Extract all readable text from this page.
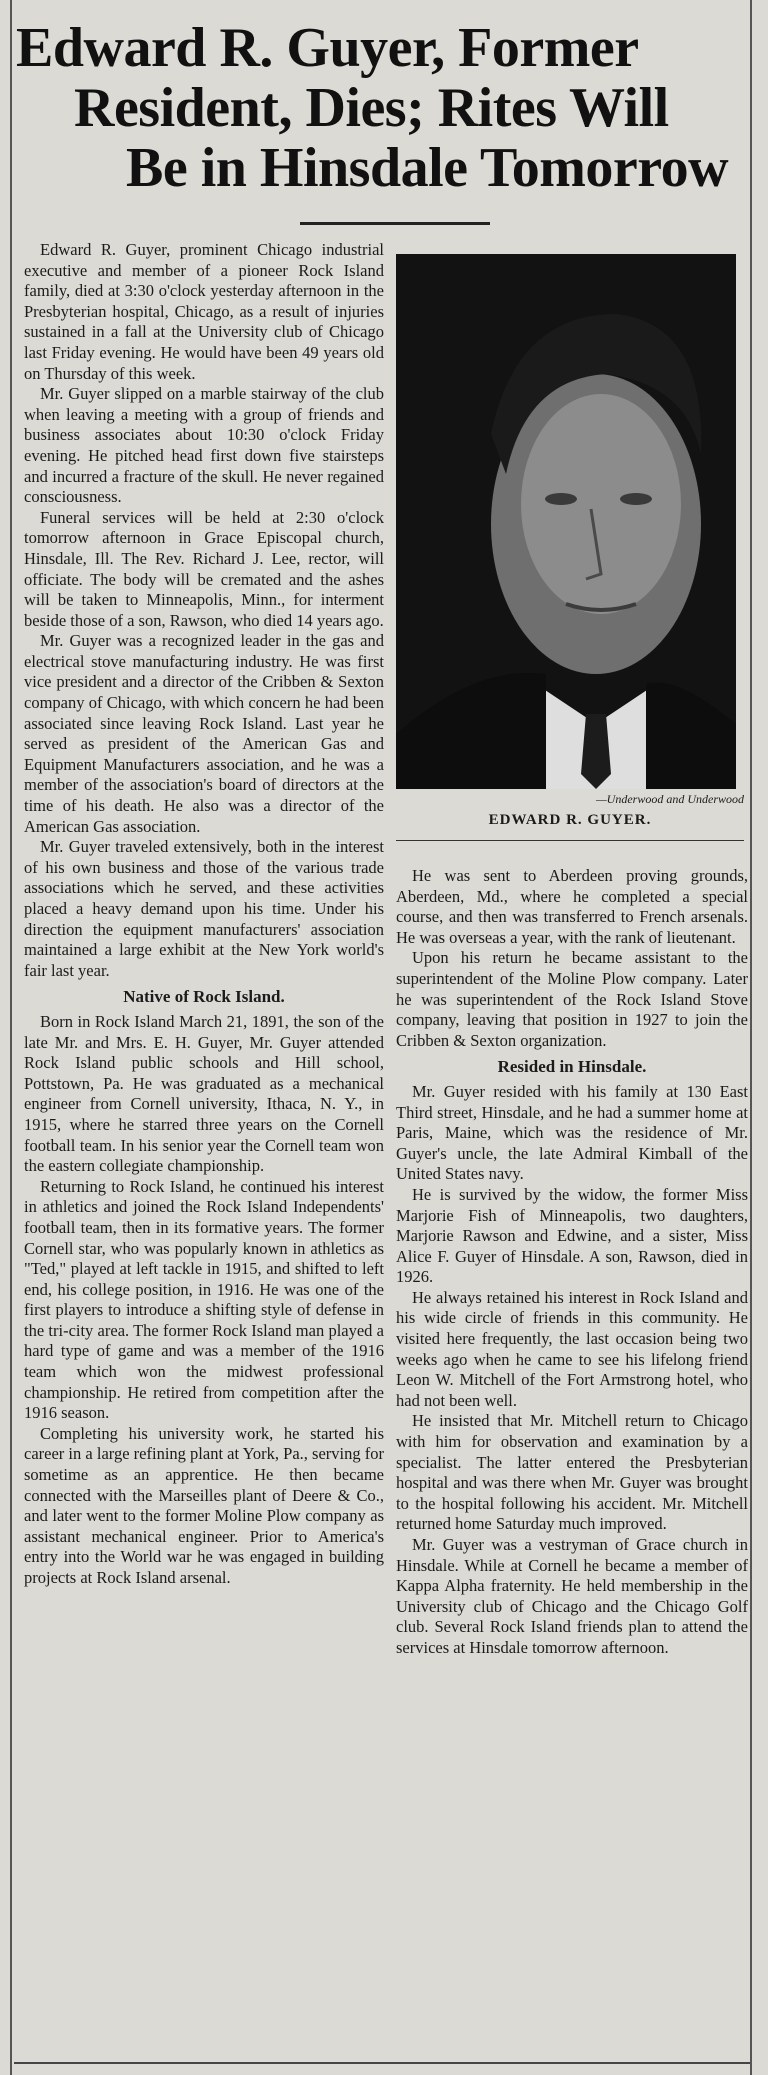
Edward R. Guyer, Former
Resident, Dies; Rites Will
Be in Hinsdale Tomorrow

Edward R. Guyer, prominent Chicago industrial executive and member of a pioneer Rock Island family, died at 3:30 o'clock yesterday afternoon in the Presbyterian hospital, Chicago, as a result of injuries sustained in a fall at the University club of Chicago last Friday evening. He would have been 49 years old on Thursday of this week.

Mr. Guyer slipped on a marble stairway of the club when leaving a meeting with a group of friends and business associates about 10:30 o'clock Friday evening. He pitched head first down five stairsteps and incurred a fracture of the skull. He never regained consciousness.

Funeral services will be held at 2:30 o'clock tomorrow afternoon in Grace Episcopal church, Hinsdale, Ill. The Rev. Richard J. Lee, rector, will officiate. The body will be cremated and the ashes will be taken to Minneapolis, Minn., for interment beside those of a son, Rawson, who died 14 years ago.

Mr. Guyer was a recognized leader in the gas and electrical stove manufacturing industry. He was first vice president and a director of the Cribben & Sexton company of Chicago, with which concern he had been associated since leaving Rock Island. Last year he served as president of the American Gas and Equipment Manufacturers association, and he was a member of the association's board of directors at the time of his death. He also was a director of the American Gas association.

Mr. Guyer traveled extensively, both in the interest of his own business and those of the various trade associations which he served, and these activities placed a heavy demand upon his time. Under his direction the equipment manufacturers' association maintained a large exhibit at the New York world's fair last year.

Native of Rock Island.

Born in Rock Island March 21, 1891, the son of the late Mr. and Mrs. E. H. Guyer, Mr. Guyer attended Rock Island public schools and Hill school, Pottstown, Pa. He was graduated as a mechanical engineer from Cornell university, Ithaca, N. Y., in 1915, where he starred three years on the Cornell football team. In his senior year the Cornell team won the eastern collegiate championship.

Returning to Rock Island, he continued his interest in athletics and joined the Rock Island Independents' football team, then in its formative years. The former Cornell star, who was popularly known in athletics as "Ted," played at left tackle in 1915, and shifted to left end, his college position, in 1916. He was one of the first players to introduce a shifting style of defense in the tri-city area. The former Rock Island man played a hard type of game and was a member of the 1916 team which won the midwest professional championship. He retired from competition after the 1916 season.

Completing his university work, he started his career in a large refining plant at York, Pa., serving for sometime as an apprentice. He then became connected with the Marseilles plant of Deere & Co., and later went to the former Moline Plow company as assistant mechanical engineer. Prior to America's entry into the World war he was engaged in building projects at Rock Island arsenal.

—Underwood and Underwood
EDWARD R. GUYER.

He was sent to Aberdeen proving grounds, Aberdeen, Md., where he completed a special course, and then was transferred to French arsenals. He was overseas a year, with the rank of lieutenant.

Upon his return he became assistant to the superintendent of the Moline Plow company. Later he was superintendent of the Rock Island Stove company, leaving that position in 1927 to join the Cribben & Sexton organization.

Resided in Hinsdale.

Mr. Guyer resided with his family at 130 East Third street, Hinsdale, and he had a summer home at Paris, Maine, which was the residence of Mr. Guyer's uncle, the late Admiral Kimball of the United States navy.

He is survived by the widow, the former Miss Marjorie Fish of Minneapolis, two daughters, Marjorie Rawson and Edwine, and a sister, Miss Alice F. Guyer of Hinsdale. A son, Rawson, died in 1926.

He always retained his interest in Rock Island and his wide circle of friends in this community. He visited here frequently, the last occasion being two weeks ago when he came to see his lifelong friend Leon W. Mitchell of the Fort Armstrong hotel, who had not been well.

He insisted that Mr. Mitchell return to Chicago with him for observation and examination by a specialist. The latter entered the Presbyterian hospital and was there when Mr. Guyer was brought to the hospital following his accident. Mr. Mitchell returned home Saturday much improved.

Mr. Guyer was a vestryman of Grace church in Hinsdale. While at Cornell he became a member of Kappa Alpha fraternity. He held membership in the University club of Chicago and the Chicago Golf club. Several Rock Island friends plan to attend the services at Hinsdale tomorrow afternoon.
